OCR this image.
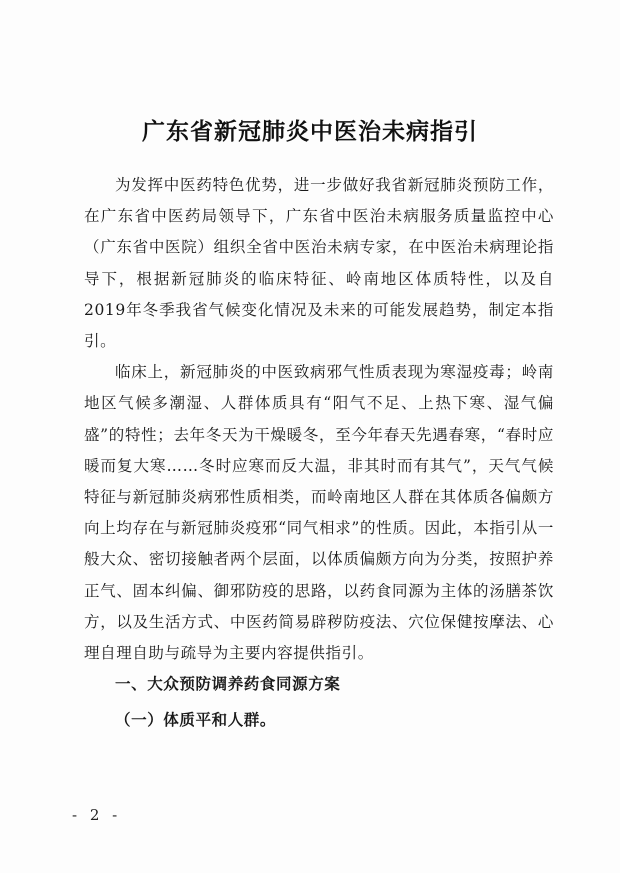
广东省新冠肺炎中医治未病指引

为发挥中医药特色优势，进一步做好我省新冠肺炎预防工作，在广东省中医药局领导下，广东省中医治未病服务质量监控中心（广东省中医院）组织全省中医治未病专家，在中医治未病理论指导下，根据新冠肺炎的临床特征、岭南地区体质特性，以及自2019年冬季我省气候变化情况及未来的可能发展趋势，制定本指引。

临床上，新冠肺炎的中医致病邪气性质表现为寒湿疫毒；岭南地区气候多潮湿、人群体质具有“阳气不足、上热下寒、湿气偏盛”的特性；去年冬天为干燥暖冬，至今年春天先遇春寒，“春时应暖而复大寒……冬时应寒而反大温，非其时而有其气”，天气气候特征与新冠肺炎病邪性质相类，而岭南地区人群在其体质各偏颇方向上均存在与新冠肺炎疫邪“同气相求”的性质。因此，本指引从一般大众、密切接触者两个层面，以体质偏颇方向为分类，按照护养正气、固本纠偏、御邪防疫的思路，以药食同源为主体的汤膳茶饮方，以及生活方式、中医药简易辟秽防疫法、穴位保健按摩法、心理自理自助与疏导为主要内容提供指引。

一、大众预防调养药食同源方案

（一）体质平和人群。

- 2 -
